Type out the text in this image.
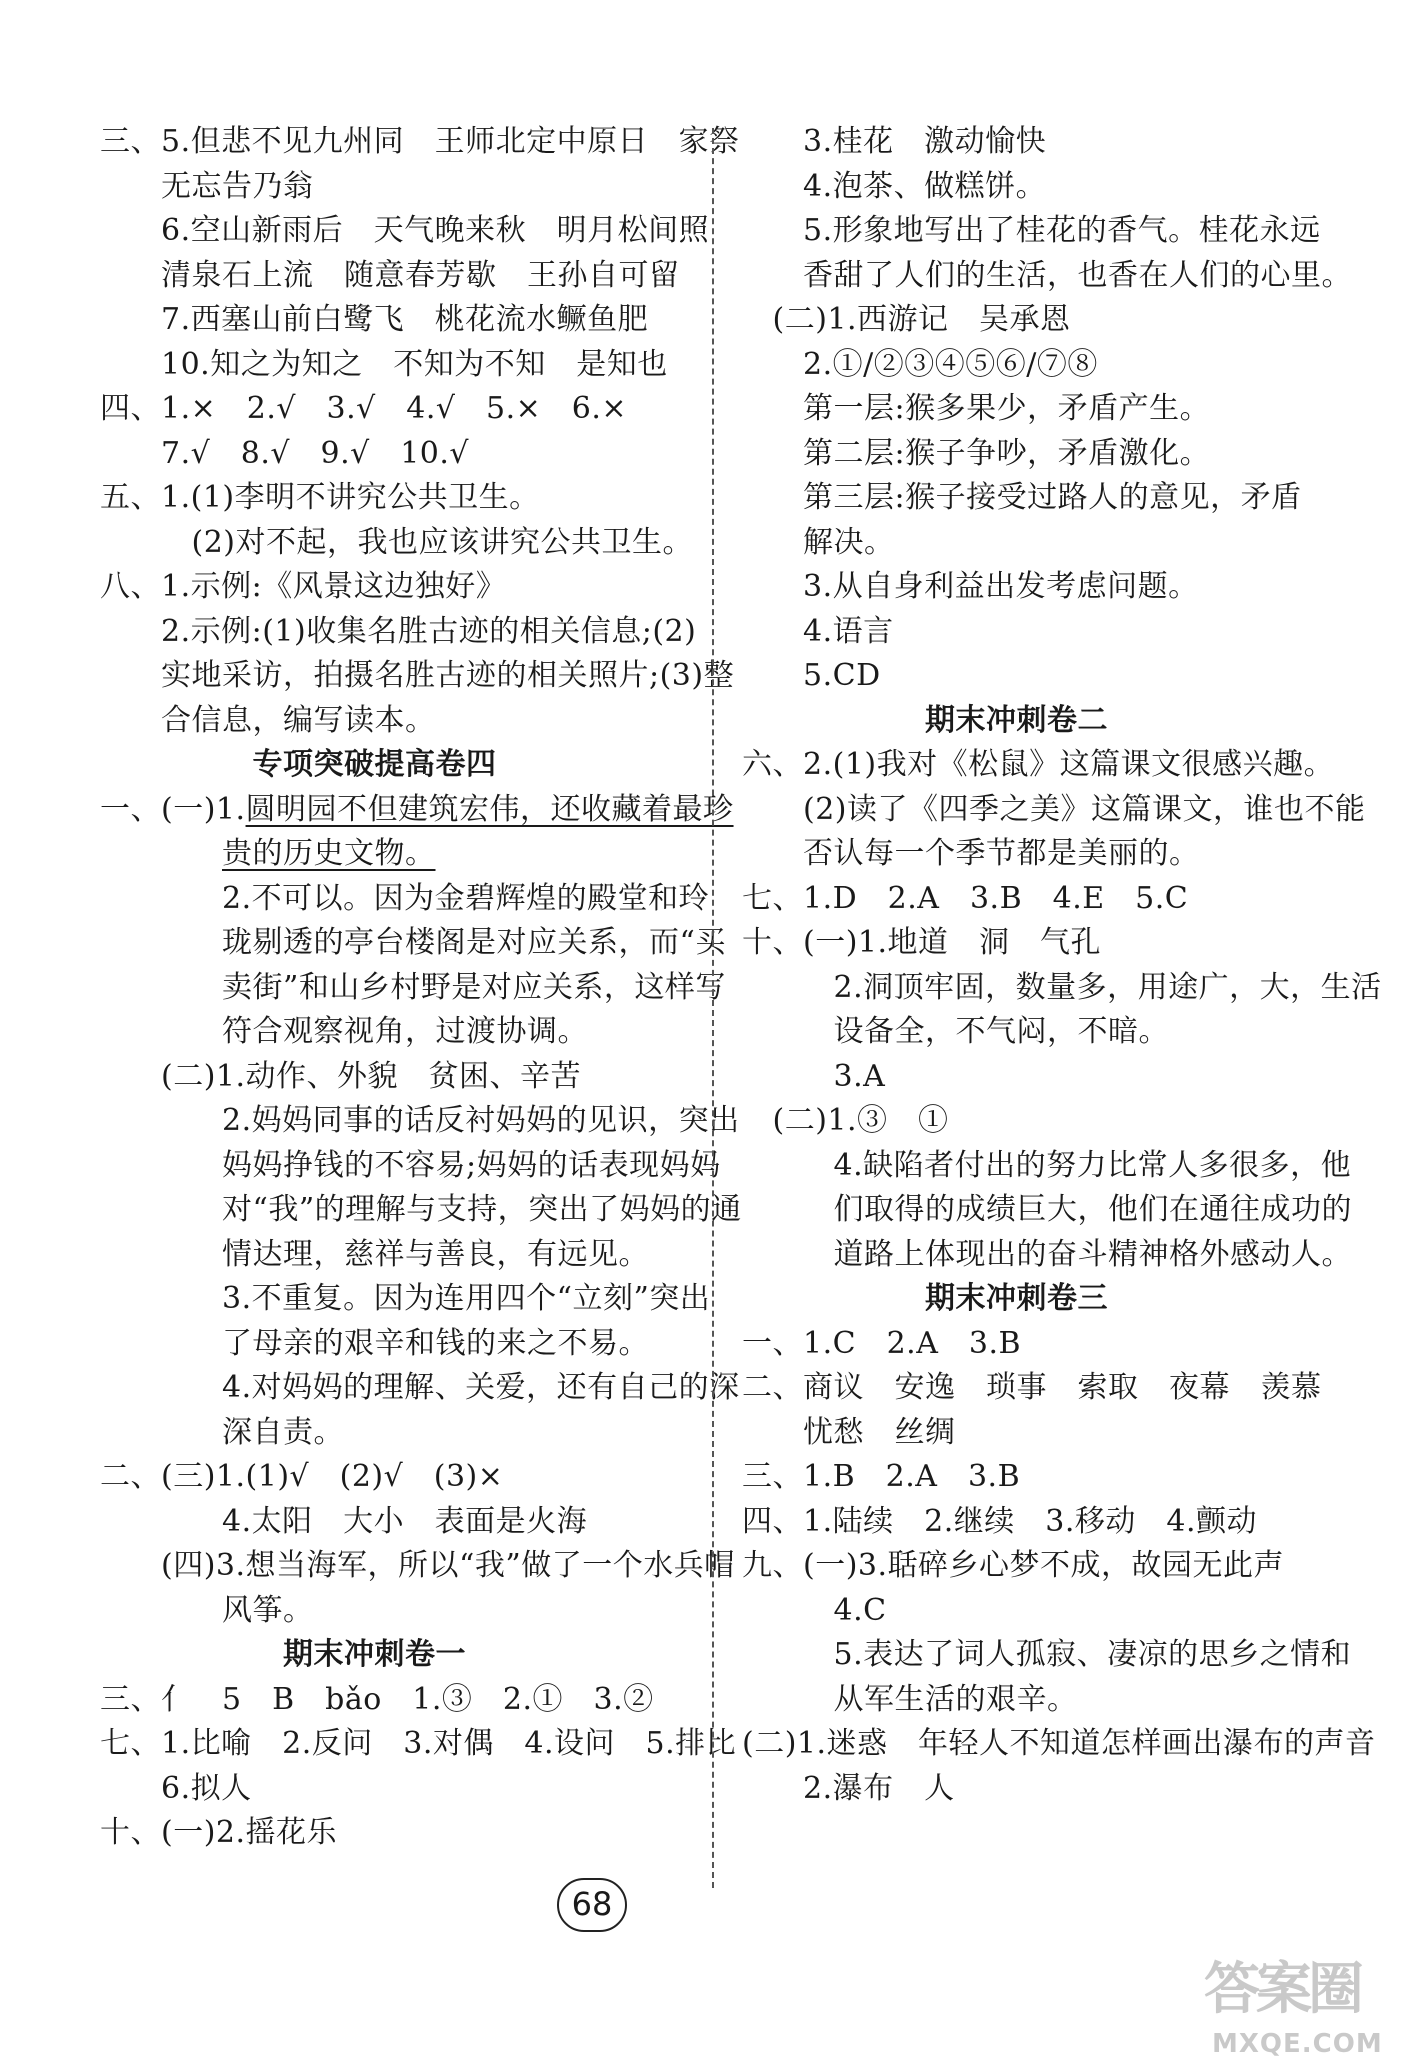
三、5.但悲不见九州同　王师北定中原日　家祭
　　无忘告乃翁
　　6.空山新雨后　天气晚来秋　明月松间照
　　清泉石上流　随意春芳歇　王孙自可留
　　7.西塞山前白鹭飞　桃花流水鳜鱼肥
　　10.知之为知之　不知为不知　是知也
四、1.×　2.√　3.√　4.√　5.×　6.×
　　7.√　8.√　9.√　10.√
五、1.(1)李明不讲究公共卫生。
　　　(2)对不起，我也应该讲究公共卫生。
八、1.示例:《风景这边独好》
　　2.示例:(1)收集名胜古迹的相关信息;(2)
　　实地采访，拍摄名胜古迹的相关照片;(3)整
　　合信息，编写读本。
　　　　　专项突破提高卷四
一、(一)1.圆明园不但建筑宏伟，还收藏着最珍
　　　　贵的历史文物。
　　　　2.不可以。因为金碧辉煌的殿堂和玲
　　　　珑剔透的亭台楼阁是对应关系，而“买
　　　　卖街”和山乡村野是对应关系，这样写
　　　　符合观察视角，过渡协调。
　　(二)1.动作、外貌　贫困、辛苦
　　　　2.妈妈同事的话反衬妈妈的见识，突出
　　　　妈妈挣钱的不容易;妈妈的话表现妈妈
　　　　对“我”的理解与支持，突出了妈妈的通
　　　　情达理，慈祥与善良，有远见。
　　　　3.不重复。因为连用四个“立刻”突出
　　　　了母亲的艰辛和钱的来之不易。
　　　　4.对妈妈的理解、关爱，还有自己的深
　　　　深自责。
二、(三)1.(1)√　(2)√　(3)×
　　　　4.太阳　大小　表面是火海
　　(四)3.想当海军，所以“我”做了一个水兵帽
　　　　风筝。
　　　　　　期末冲刺卷一
三、亻　5　B　bǎo　1.③　2.①　3.②
七、1.比喻　2.反问　3.对偶　4.设问　5.排比
　　6.拟人
十、(一)2.摇花乐
　　3.桂花　激动愉快
　　4.泡茶、做糕饼。
　　5.形象地写出了桂花的香气。桂花永远
　　香甜了人们的生活，也香在人们的心里。
　(二)1.西游记　吴承恩
　　2.①/②③④⑤⑥/⑦⑧
　　第一层:猴多果少，矛盾产生。
　　第二层:猴子争吵，矛盾激化。
　　第三层:猴子接受过路人的意见，矛盾
　　解决。
　　3.从自身利益出发考虑问题。
　　4.语言
　　5.CD
　　　　　　期末冲刺卷二
六、2.(1)我对《松鼠》这篇课文很感兴趣。
　　(2)读了《四季之美》这篇课文，谁也不能
　　否认每一个季节都是美丽的。
七、1.D　2.A　3.B　4.E　5.C
十、(一)1.地道　洞　气孔
　　　2.洞顶牢固，数量多，用途广，大，生活
　　　设备全，不气闷，不暗。
　　　3.A
　(二)1.③　①
　　　4.缺陷者付出的努力比常人多很多，他
　　　们取得的成绩巨大，他们在通往成功的
　　　道路上体现出的奋斗精神格外感动人。
　　　　　　期末冲刺卷三
一、1.C　2.A　3.B
二、商议　安逸　琐事　索取　夜幕　羡慕
　　忧愁　丝绸
三、1.B　2.A　3.B
四、1.陆续　2.继续　3.移动　4.颤动
九、(一)3.聒碎乡心梦不成，故园无此声
　　　4.C
　　　5.表达了词人孤寂、凄凉的思乡之情和
　　　从军生活的艰辛。
(二)1.迷惑　年轻人不知道怎样画出瀑布的声音
　　2.瀑布　人
68
答案圈
MXQE.COM
